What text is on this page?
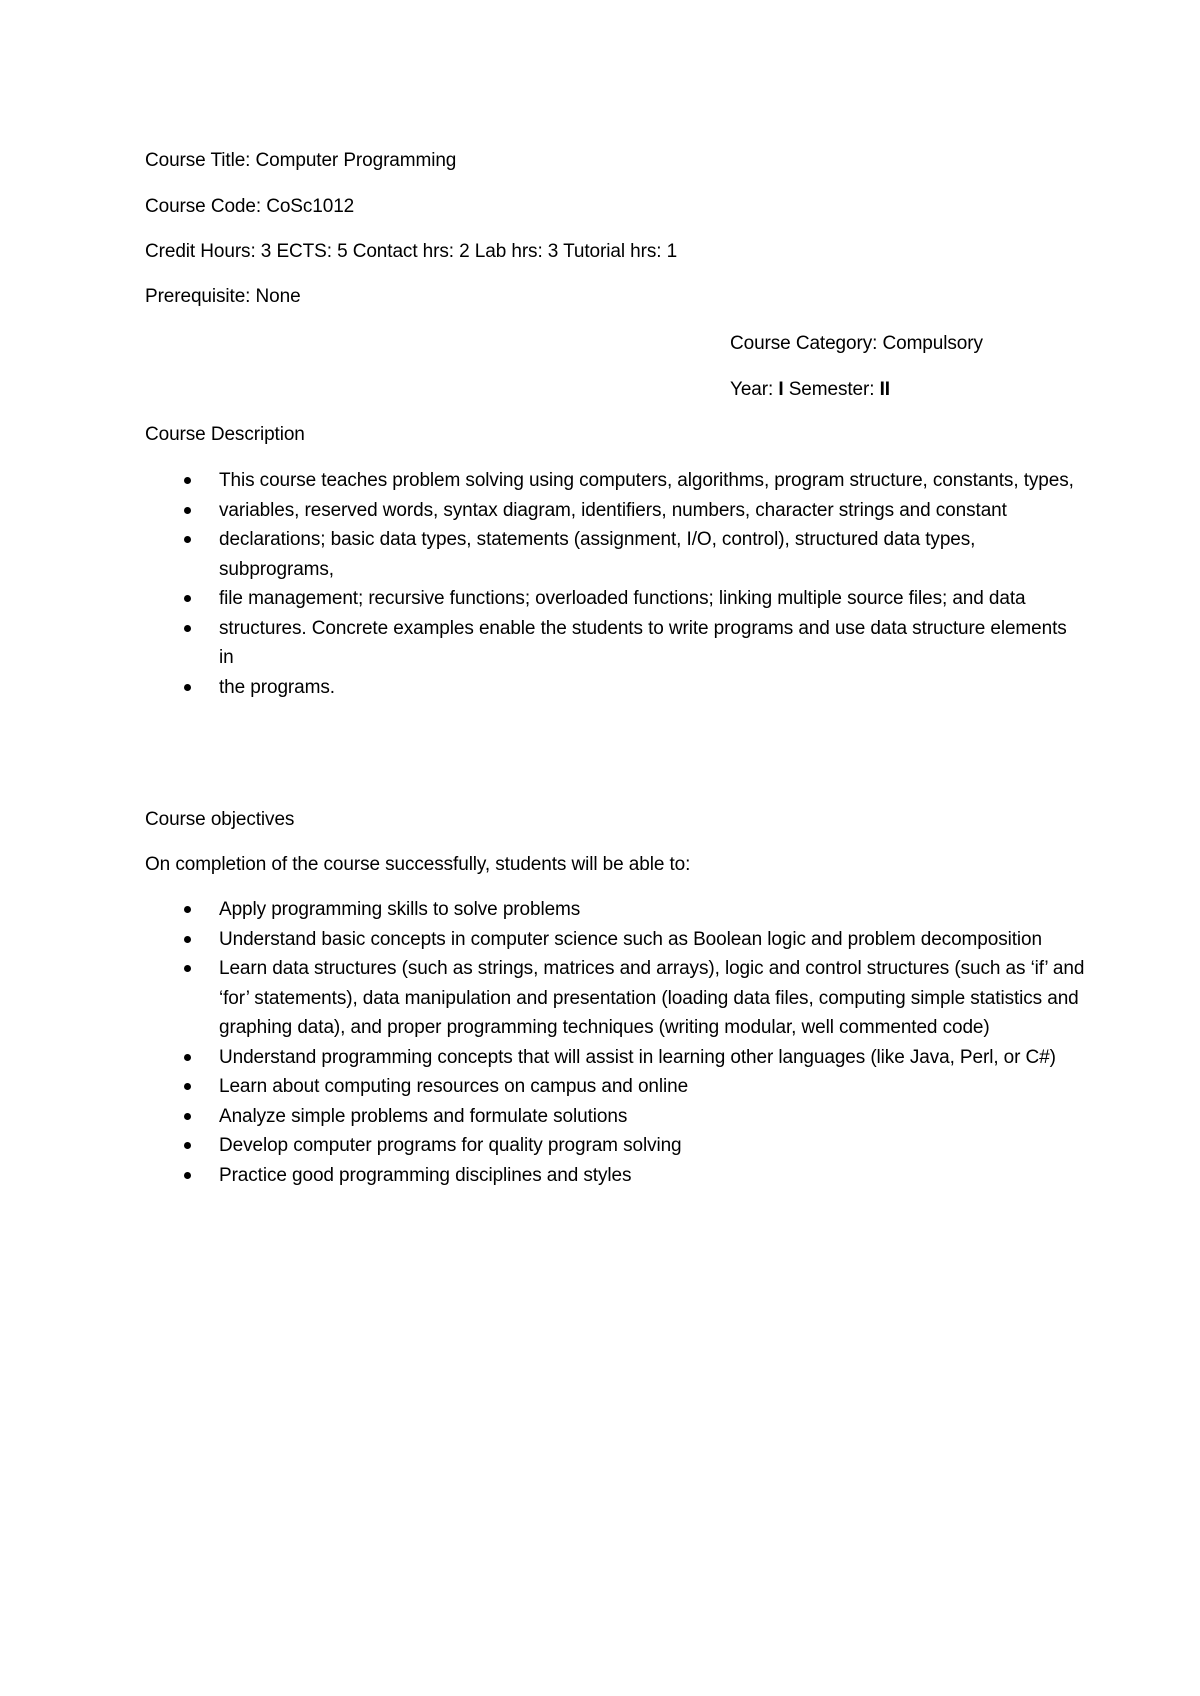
Course Title: Computer Programming
Course Code: CoSc1012
Credit Hours: 3 ECTS: 5 Contact hrs: 2 Lab hrs: 3 Tutorial hrs: 1
Prerequisite: None
Course Category: Compulsory
Year: I Semester: II
Course Description
This course teaches problem solving using computers, algorithms, program structure, constants, types,
variables, reserved words, syntax diagram, identifiers, numbers, character strings and constant
declarations; basic data types, statements (assignment, I/O, control), structured data types, subprograms,
file management; recursive functions; overloaded functions; linking multiple source files; and data
structures. Concrete examples enable the students to write programs and use data structure elements in
the programs.
Course objectives
On completion of the course successfully, students will be able to:
Apply programming skills to solve problems
Understand basic concepts in computer science such as Boolean logic and problem decomposition
Learn data structures (such as strings, matrices and arrays), logic and control structures (such as ‘if’ and ‘for’ statements), data manipulation and presentation (loading data files, computing simple statistics and graphing data), and proper programming techniques (writing modular, well commented code)
Understand programming concepts that will assist in learning other languages (like Java, Perl, or C#)
Learn about computing resources on campus and online
Analyze simple problems and formulate solutions
Develop computer programs for quality program solving
Practice good programming disciplines and styles
